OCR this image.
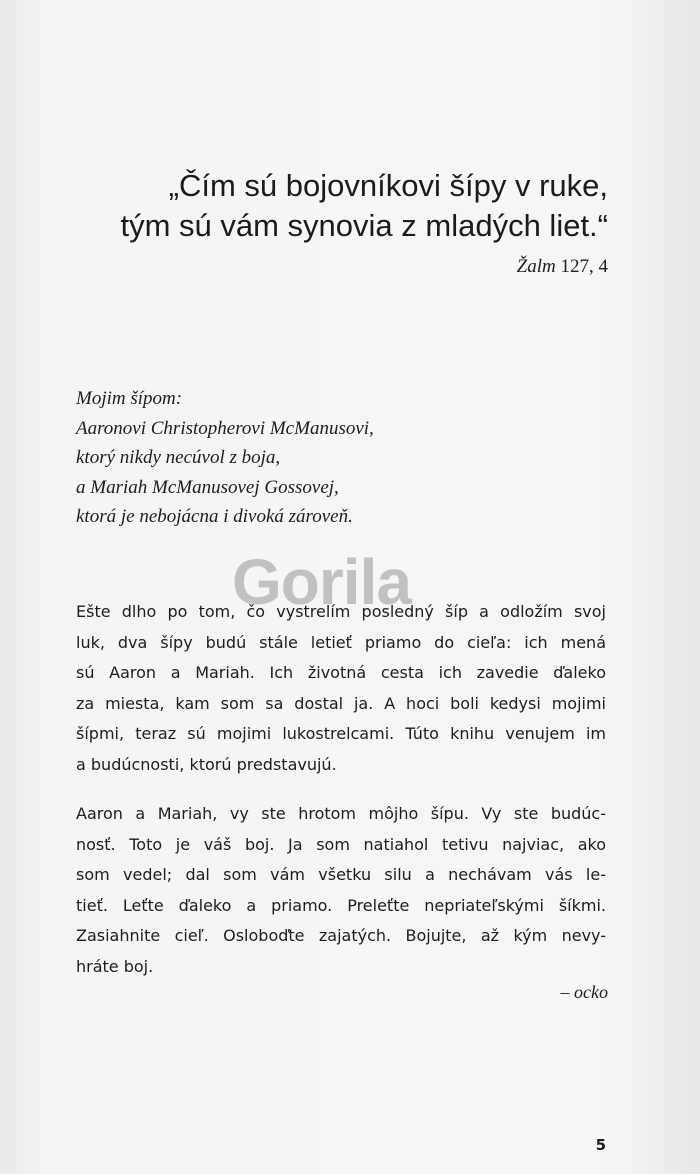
„Čím sú bojovníkovi šípy v ruke,
tým sú vám synovia z mladých liet.“
Žalm 127, 4
Mojim šípom:
Aaronovi Christopherovi McManusovi,
ktorý nikdy necúvol z boja,
a Mariah McManusovej Gossovej,
ktorá je nebojácna i divoká zároveň.
Gorila
Ešte dlho po tom, čo vystrelím posledný šíp a odložím svoj
luk, dva šípy budú stále letieť priamo do cieľa: ich mená
sú Aaron a Mariah. Ich životná cesta ich zavedie ďaleko
za miesta, kam som sa dostal ja. A hoci boli kedysi mojimi
šípmi, teraz sú mojimi lukostrelcami. Túto knihu venujem im
a budúcnosti, ktorú predstavujú.
Aaron a Mariah, vy ste hrotom môjho šípu. Vy ste budúc-
nosť. Toto je váš boj. Ja som natiahol tetivu najviac, ako
som vedel; dal som vám všetku silu a nechávam vás le-
tieť. Leťte ďaleko a priamo. Preleťte nepriateľskými šíkmi.
Zasiahnite cieľ. Osloboďte zajatých. Bojujte, až kým nevy-
hráte boj.
– ocko
5
